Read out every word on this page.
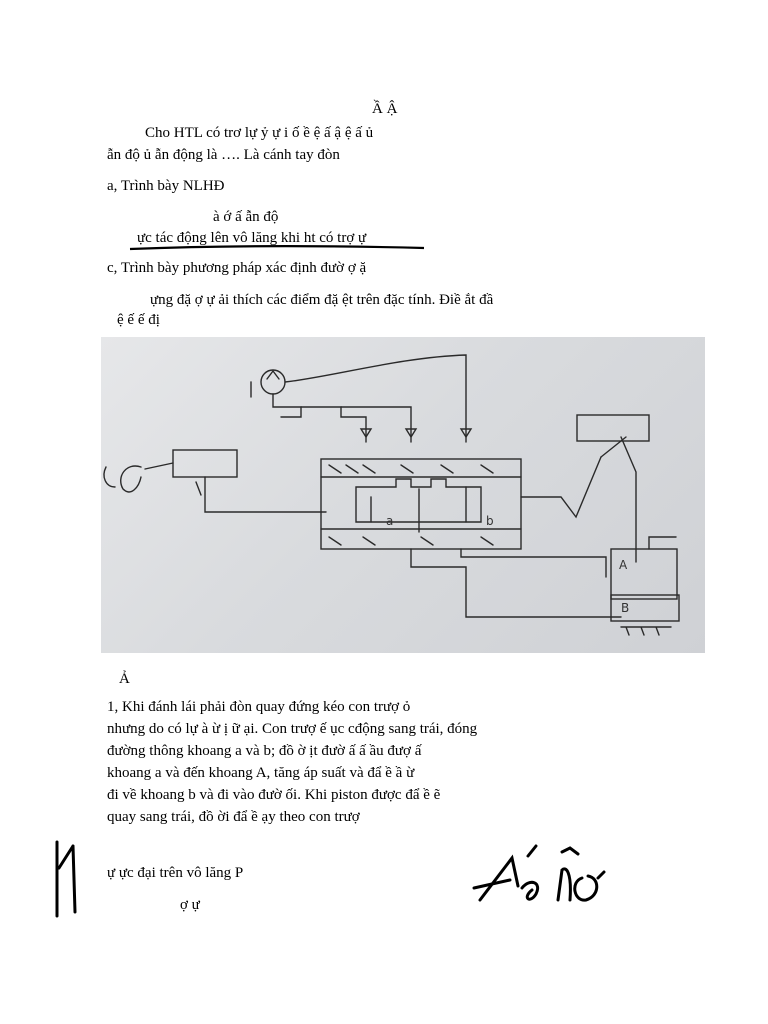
Ầ Ậ
Cho HTL có trơ lự ỷ ự i ố ề ệ ấ ậ ệ ấ ủ
ẫn độ ủ ẫn động là …. Là cánh tay đòn
a, Trình bày NLHĐ
à ớ ấ ẫn độ
ực tác động lên vô lăng khi ht có trợ ự
c, Trình bày phương pháp xác định đườ ợ ặ
ựng đặ ợ ự ải thích các điểm đặ ệt trên đặc tính. Điề ắt đầ
ệ ế ế đị
a	b
A
B
Ả
1, Khi đánh lái phải đòn quay đứng kéo con trượ ỏ
nhưng do có lự à ừ ị ữ ại. Con trượ ế ục cđộng sang trái, đóng
đường thông khoang a và b; đồ ờ ịt đườ ấ ấ ầu đượ ấ
khoang a và đến khoang A, tăng áp suất và đẩ ề ầ ừ
đi về khoang b và đi vào đườ ối. Khi piston được đẩ ề ẽ
quay sang trái, đồ ời đẩ ề ạy theo con trượ
ự ực đại trên vô lăng P
ợ ự
